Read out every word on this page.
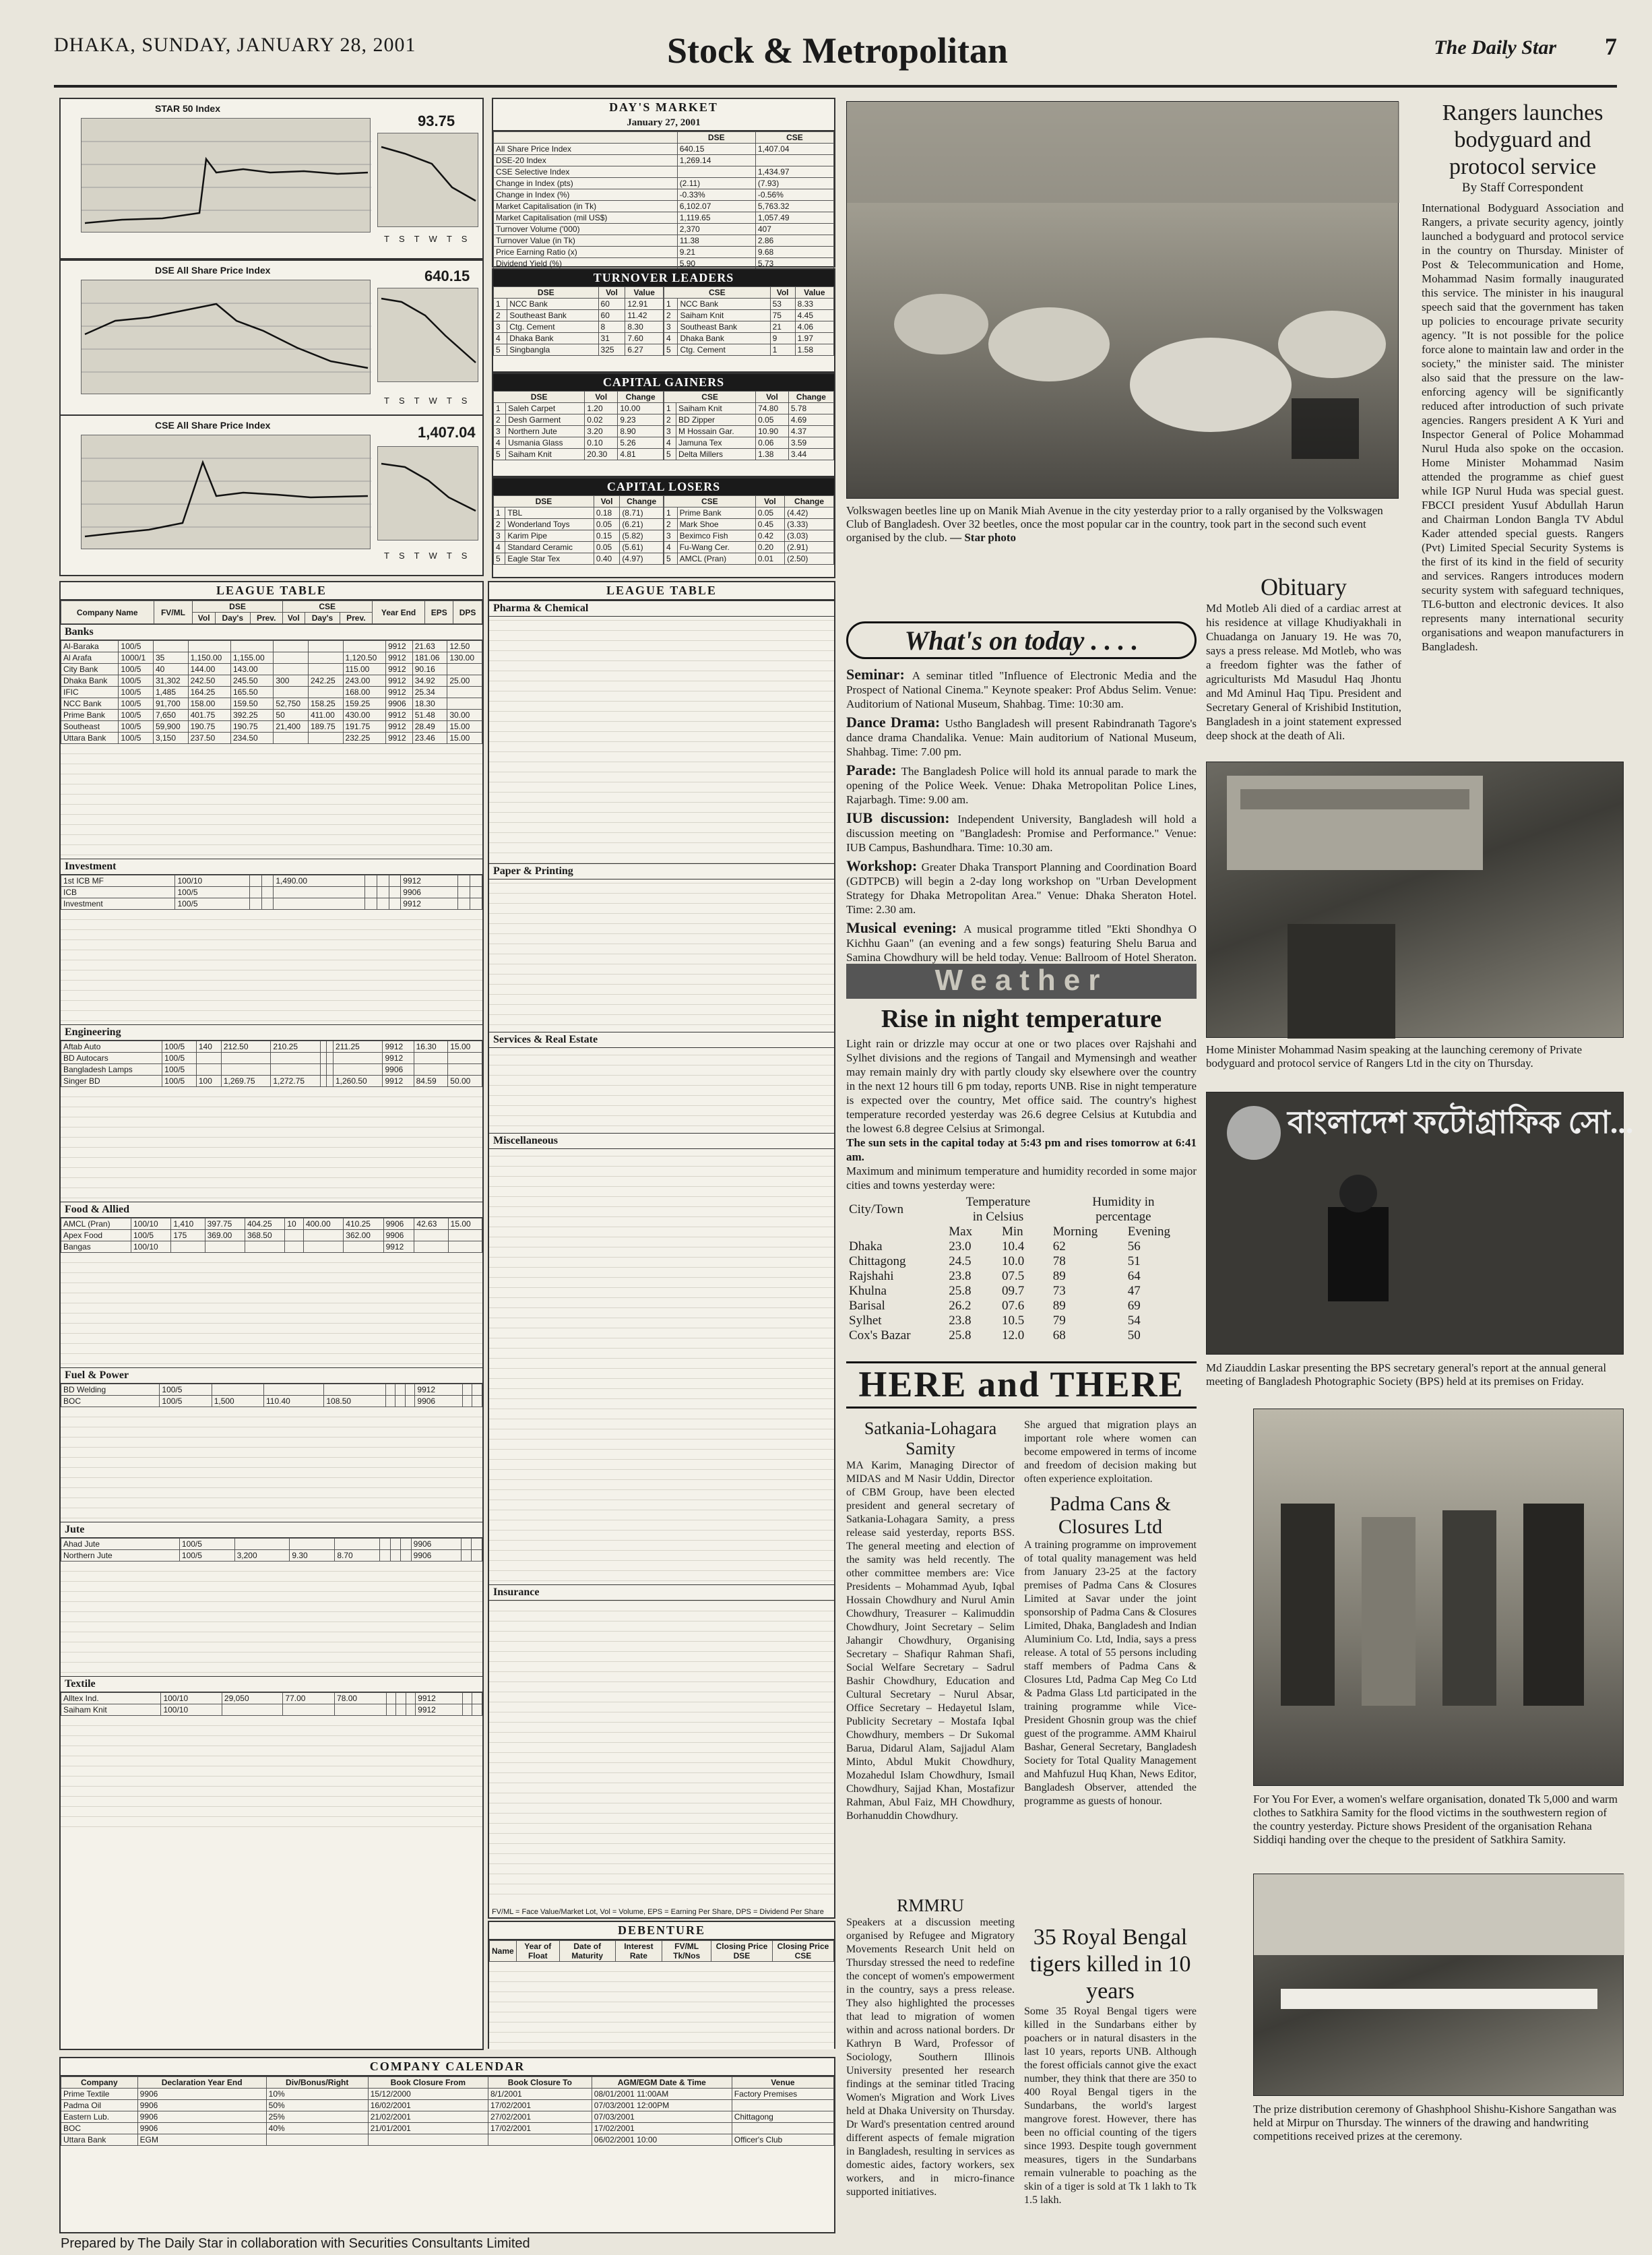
DHAKA, SUNDAY, JANUARY 28, 2001	Stock & Metropolitan	The Daily Star 7
STAR 50 Index
93.75
TSTWTS
DSE All Share Price Index	640.15
TSTWTS
CSE All Share Price Index	1,407.04
TSTWTS
DAY'S MARKET
January 27, 2001
	DSE	CSE
All Share Price Index	640.15	1,407.04
DSE-20 Index	1,269.14	
CSE Selective Index		1,434.97
Change in Index (pts)	(2.11)	(7.93)
Change in Index (%)	-0.33%	-0.56%
Market Capitalisation (in Tk)	6,102.07	5,763.32
Market Capitalisation (mil US$)	1,119.65	1,057.49
Turnover Volume ('000)	2,370	407
Turnover Value (in Tk)	11.38	2.86
Price Earning Ratio (x)	9.21	9.68
Dividend Yield (%)	5.90	5.73
TURNOVER LEADERS
DSE		Vol	Value
1	NCC Bank	60	12.91
2	Southeast Bank	60	11.42
3	Ctg. Cement	8	8.30
4	Dhaka Bank	31	7.60
5	Singbangla	325	6.27
CSE		Vol	Value
1	NCC Bank	53	8.33
2	Saiham Knit	75	4.45
3	Southeast Bank	21	4.06
4	Dhaka Bank	9	1.97
5	Ctg. Cement	1	1.58
CAPITAL GAINERS
DSE		Vol	Change
1	Saleh Carpet	1.20	10.00
2	Desh Garment	0.02	9.23
3	Northern Jute	3.20	8.90
4	Usmania Glass	0.10	5.26
5	Saiham Knit	20.30	4.81
CSE		Vol	Change
1	Saiham Knit	74.80	5.78
2	BD Zipper	0.05	4.69
3	M Hossain Gar.	10.90	4.37
4	Jamuna Tex	0.06	3.59
5	Delta Millers	1.38	3.44
CAPITAL LOSERS
DSE		Vol	Change
1	TBL	0.18	(8.71)
2	Wonderland Toys	0.05	(6.21)
3	Karim Pipe	0.15	(5.82)
4	Standard Ceramic	0.05	(5.61)
5	Eagle Star Tex	0.40	(4.97)
CSE		Vol	Change
1	Prime Bank	0.05	(4.42)
2	Mark Shoe	0.45	(3.33)
3	Beximco Fish	0.42	(3.03)
4	Fu-Wang Cer.	0.20	(2.91)
5	AMCL (Pran)	0.01	(2.50)
LEAGUE TABLE
Company Name	FV/ML	DSE			CSE			Year End	EPS	DPS
		Vol	Day's	Prev.	Vol	Day's	Prev.			
Banks
Al-Baraka	100/5							9912	21.63	12.50
Al Arafa	1000/1	35	1,150.00	1,155.00			1,120.50	9912	181.06	130.00
City Bank	100/5	40	144.00	143.00			115.00	9912	90.16	
Dhaka Bank	100/5	31,302	242.50	245.50	300	242.25	243.00	9912	34.92	25.00
IFIC	100/5	1,485	164.25	165.50			168.00	9912	25.34	
NCC Bank	100/5	91,700	158.00	159.50	52,750	158.25	159.25	9906	18.30	
Prime Bank	100/5	7,650	401.75	392.25	50	411.00	430.00	9912	51.48	30.00
Southeast	100/5	59,900	190.75	190.75	21,400	189.75	191.75	9912	28.49	15.00
Uttara Bank	100/5	3,150	237.50	234.50			232.25	9912	23.46	15.00
Investment
1st ICB MF	100/10			1,490.00				9912		
ICB	100/5							9906		
Investment	100/5							9912		
Engineering
Aftab Auto	100/5	140	212.50	210.25			211.25	9912	16.30	15.00
BD Autocars	100/5							9912		
Bangladesh Lamps	100/5							9906		
Singer BD	100/5	100	1,269.75	1,272.75			1,260.50	9912	84.59	50.00
Food & Allied
AMCL (Pran)	100/10	1,410	397.75	404.25	10	400.00	410.25	9906	42.63	15.00
Apex Food	100/5	175	369.00	368.50			362.00	9906		
Bangas	100/10							9912		
Fuel & Power
BD Welding	100/5							9912		
BOC	100/5	1,500	110.40	108.50				9906		
Jute
Ahad Jute	100/5							9906		
Northern Jute	100/5	3,200	9.30	8.70				9906		
Textile
Alltex Ind.	100/10	29,050	77.00	78.00				9912		
Saiham Knit	100/10							9912		
LEAGUE TABLE
Pharma & Chemical
Paper & Printing
Services & Real Estate
Miscellaneous
Insurance
FV/ML = Face Value/Market Lot, Vol = Volume, EPS = Earning Per Share, DPS = Dividend Per Share
DEBENTURE
Name	Year of Float	Date of Maturity	Interest Rate	FV/ML Tk/Nos	Closing Price DSE	Closing Price CSE
COMPANY CALENDAR
Company	Declaration Year End	Div/Bonus/Right	Book Closure From	Book Closure To	AGM/EGM Date & Time	Venue
Prime Textile	9906	10%	15/12/2000	8/1/2001	08/01/2001 11:00AM	Factory Premises
Padma Oil	9906	50%	16/02/2001	17/02/2001	07/03/2001 12:00PM	
Eastern Lub.	9906	25%	21/02/2001	27/02/2001	07/03/2001	Chittagong
BOC	9906	40%	21/01/2001	17/02/2001	17/02/2001	
Uttara Bank	EGM				06/02/2001 10:00	Officer's Club
Prepared by The Daily Star in collaboration with Securities Consultants Limited
Volkswagen beetles line up on Manik Miah Avenue in the city yesterday prior to a rally organised by the Volkswagen Club of Bangladesh. Over 32 beetles, once the most popular car in the country, took part in the second such event organised by the club. — Star photo
Rangers launches bodyguard and protocol service
By Staff Correspondent
International Bodyguard Association and Rangers, a private security agency, jointly launched a bodyguard and protocol service in the country on Thursday. Minister of Post & Telecommunication and Home, Mohammad Nasim formally inaugurated this service. The minister in his inaugural speech said that the government has taken up policies to encourage private security agency. "It is not possible for the police force alone to maintain law and order in the society," the minister said. The minister also said that the pressure on the law-enforcing agency will be significantly reduced after introduction of such private agencies. Rangers president A K Yuri and Inspector General of Police Mohammad Nurul Huda also spoke on the occasion. Home Minister Mohammad Nasim attended the programme as chief guest while IGP Nurul Huda was special guest. FBCCI president Yusuf Abdullah Harun and Chairman London Bangla TV Abdul Kader attended special guests. Rangers (Pvt) Limited Special Security Systems is the first of its kind in the field of security and services. Rangers introduces modern security system with safeguard techniques, TL6-button and electronic devices. It also represents many international security organisations and weapon manufacturers in Bangladesh.
What's on today . . . .
Seminar: A seminar titled "Influence of Electronic Media and the Prospect of National Cinema." Keynote speaker: Prof Abdus Selim. Venue: Auditorium of National Museum, Shahbag. Time: 10:30 am.
Dance Drama: Ustho Bangladesh will present Rabindranath Tagore's dance drama Chandalika. Venue: Main auditorium of National Museum, Shahbag. Time: 7.00 pm.
Parade: The Bangladesh Police will hold its annual parade to mark the opening of the Police Week. Venue: Dhaka Metropolitan Police Lines, Rajarbagh. Time: 9.00 am.
IUB discussion: Independent University, Bangladesh will hold a discussion meeting on "Bangladesh: Promise and Performance." Venue: IUB Campus, Bashundhara. Time: 10.30 am.
Workshop: Greater Dhaka Transport Planning and Coordination Board (GDTPCB) will begin a 2-day long workshop on "Urban Development Strategy for Dhaka Metropolitan Area." Venue: Dhaka Sheraton Hotel. Time: 2.30 am.
Musical evening: A musical programme titled "Ekti Shondhya O Kichhu Gaan" (an evening and a few songs) featuring Shelu Barua and Samina Chowdhury will be held today. Venue: Ballroom of Hotel Sheraton.
Obituary
Md Motleb Ali died of a cardiac arrest at his residence at village Khudiyakhali in Chuadanga on January 19. He was 70, says a press release. Md Motleb, who was a freedom fighter was the father of agriculturists Md Masudul Haq Jhontu and Md Aminul Haq Tipu. President and Secretary General of Krishibid Institution, Bangladesh in a joint statement expressed deep shock at the death of Ali.
Home Minister Mohammad Nasim speaking at the launching ceremony of Private bodyguard and protocol service of Rangers Ltd in the city on Thursday.
Weather
Rise in night temperature
Light rain or drizzle may occur at one or two places over Rajshahi and Sylhet divisions and the regions of Tangail and Mymensingh and weather may remain mainly dry with partly cloudy sky elsewhere over the country in the next 12 hours till 6 pm today, reports UNB. Rise in night temperature is expected over the country, Met office said. The country's highest temperature recorded yesterday was 26.6 degree Celsius at Kutubdia and the lowest 6.8 degree Celsius at Srimongal.
The sun sets in the capital today at 5:43 pm and rises tomorrow at 6:41 am.
Maximum and minimum temperature and humidity recorded in some major cities and towns yesterday were:
City/Town	Temperature
in Celsius		Humidity in
percentage	
	Max	Min	Morning	Evening
Dhaka	23.0	10.4	62	56
Chittagong	24.5	10.0	78	51
Rajshahi	23.8	07.5	89	64
Khulna	25.8	09.7	73	47
Barisal	26.2	07.6	89	69
Sylhet	23.8	10.5	79	54
Cox's Bazar	25.8	12.0	68	50
বাংলাদেশ ফটোগ্রাফিক সো...
Md Ziauddin Laskar presenting the BPS secretary general's report at the annual general meeting of Bangladesh Photographic Society (BPS) held at its premises on Friday.
HERE and THERE
Satkania-Lohagara Samity
MA Karim, Managing Director of MIDAS and M Nasir Uddin, Director of CBM Group, have been elected president and general secretary of Satkania-Lohagara Samity, a press release said yesterday, reports BSS. The general meeting and election of the samity was held recently. The other committee members are: Vice Presidents – Mohammad Ayub, Iqbal Hossain Chowdhury and Nurul Amin Chowdhury, Treasurer – Kalimuddin Chowdhury, Joint Secretary – Selim Jahangir Chowdhury, Organising Secretary – Shafiqur Rahman Shafi, Social Welfare Secretary – Sadrul Bashir Chowdhury, Education and Cultural Secretary – Nurul Absar, Office Secretary – Hedayetul Islam, Publicity Secretary – Mostafa Iqbal Chowdhury, members – Dr Sukomal Barua, Didarul Alam, Sajjadul Alam Minto, Abdul Mukit Chowdhury, Mozahedul Islam Chowdhury, Ismail Chowdhury, Sajjad Khan, Mostafizur Rahman, Abul Faiz, MH Chowdhury, Borhanuddin Chowdhury.
RMMRU
Speakers at a discussion meeting organised by Refugee and Migratory Movements Research Unit held on Thursday stressed the need to redefine the concept of women's empowerment in the country, says a press release. They also highlighted the processes that lead to migration of women within and across national borders. Dr Kathryn B Ward, Professor of Sociology, Southern Illinois University presented her research findings at the seminar titled Tracing Women's Migration and Work Lives held at Dhaka University on Thursday. Dr Ward's presentation centred around different aspects of female migration in Bangladesh, resulting in services as domestic aides, factory workers, sex workers, and in micro-finance supported initiatives.
She argued that migration plays an important role where women can become empowered in terms of income and freedom of decision making but often experience exploitation.
Padma Cans & Closures Ltd
A training programme on improvement of total quality management was held from January 23-25 at the factory premises of Padma Cans & Closures Limited at Savar under the joint sponsorship of Padma Cans & Closures Limited, Dhaka, Bangladesh and Indian Aluminium Co. Ltd, India, says a press release. A total of 55 persons including staff members of Padma Cans & Closures Ltd, Padma Cap Meg Co Ltd & Padma Glass Ltd participated in the training programme while Vice-President Ghosnin group was the chief guest of the programme. AMM Khairul Bashar, General Secretary, Bangladesh Society for Total Quality Management and Mahfuzul Huq Khan, News Editor, Bangladesh Observer, attended the programme as guests of honour.
35 Royal Bengal tigers killed in 10 years
Some 35 Royal Bengal tigers were killed in the Sundarbans either by poachers or in natural disasters in the last 10 years, reports UNB. Although the forest officials cannot give the exact number, they think that there are 350 to 400 Royal Bengal tigers in the Sundarbans, the world's largest mangrove forest. However, there has been no official counting of the tigers since 1993. Despite tough government measures, tigers in the Sundarbans remain vulnerable to poaching as the skin of a tiger is sold at Tk 1 lakh to Tk 1.5 lakh.
For You For Ever, a women's welfare organisation, donated Tk 5,000 and warm clothes to Satkhira Samity for the flood victims in the southwestern region of the country yesterday. Picture shows President of the organisation Rehana Siddiqi handing over the cheque to the president of Satkhira Samity.
The prize distribution ceremony of Ghashphool Shishu-Kishore Sangathan was held at Mirpur on Thursday. The winners of the drawing and handwriting competitions received prizes at the ceremony.
